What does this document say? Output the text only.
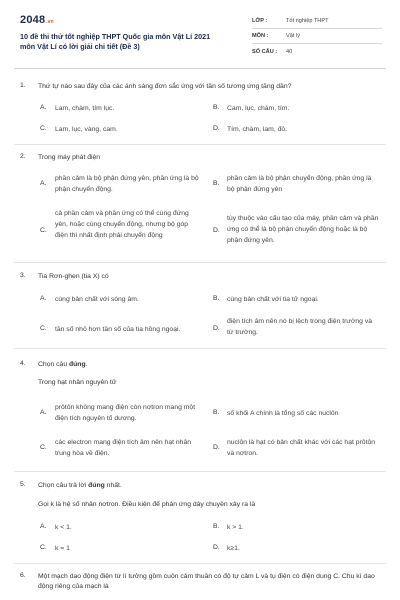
2048.vn
10 đề thi thử tốt nghiệp THPT Quốc gia môn Vật Lí 2021
môn Vật Lí có lời giải chi tiết (Đề 3)
LỚP :	Tốt nghiệp THPT
MÔN :	Vật lý
SỐ CÂU :	40
1. Thứ tự nào sau đây của các ánh sáng đơn sắc ứng với tần số tương ứng tăng dần?
A. Lam, chàm, tím lục.	B. Cam, lục, chàm, tím.
C. Lam, lục, vàng, cam.	D. Tím, chàm, lam, đỏ.
2. Trong máy phát điện
A.
phần cảm là bộ phận đứng yên, phần ứng là bộ phận chuyển động.
B.
phần cảm là bộ phận chuyển động, phần ứng là bộ phận đứng yên
C.
cả phần cảm và phần ứng có thể cùng đứng yên, hoặc cùng chuyển động, nhưng bộ góp điện thì nhất định phải chuyển động
D.
tùy thuộc vào cấu tạo của máy, phần cảm và phần ứng có thể là bộ phận chuyển động hoặc là bộ phận đứng yên.
3. Tia Rơn-ghen (tia X) có
A. cùng bản chất với sóng âm.	B. cùng bản chất với tia tử ngoại.
C. tần số nhỏ hơn tần số của tia hồng ngoại.	D.
điện tích âm nên nó bị lệch trong điện trường và từ trường.
4. Chọn câu đúng.
Trong hạt nhân nguyên tử
A.
prôtôn không mang điện còn nơtron mang một điện tích nguyên tố dương.
B. số khối A chính là tổng số các nuclôn
C.
các electron mang điện tích âm nên hạt nhân trung hòa về điện.
D.
nuclôn là hạt có bản chất khác với các hạt prôtôn và nơtron.
5. Chọn câu trả lời đúng nhất.
Gọi k là hệ số nhân nơtron. Điều kiện để phản ứng dây chuyền xảy ra là
A. k < 1.	B. k > 1.
C. k = 1	D. k≥1.
6. Một mạch dao động điện từ lí tưởng gồm cuộn cảm thuần có độ tự cảm L và tụ điện có điện dung C. Chu kì dao động riêng của mạch là
